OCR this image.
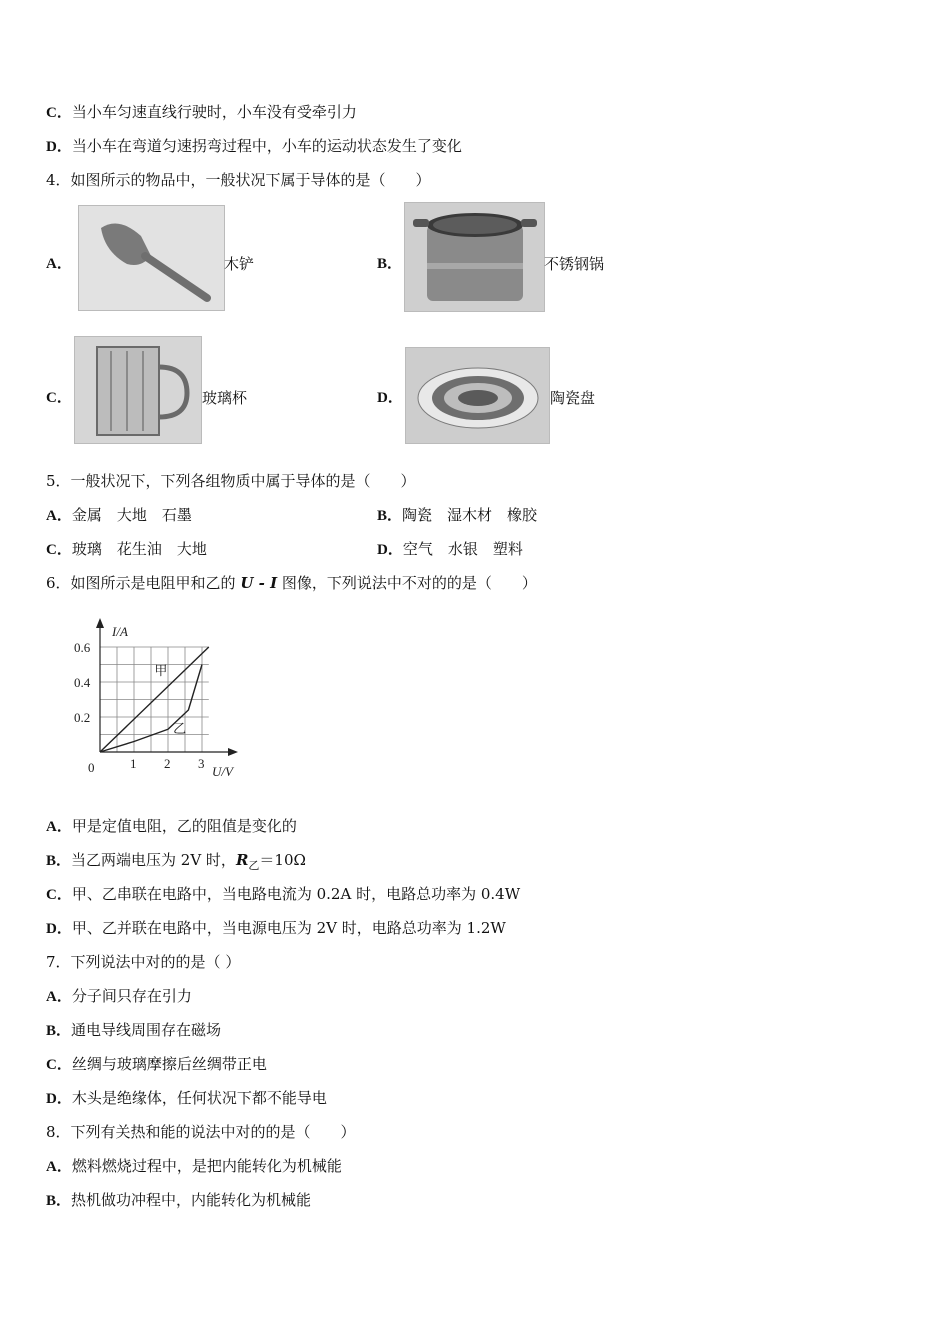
C．当小车匀速直线行驶时，小车没有受牵引力
D．当小车在弯道匀速拐弯过程中，小车的运动状态发生了变化
4．如图所示的物品中，一般状况下属于导体的是（　　）
A．	木铲	B．	不锈钢锅
C．	玻璃杯	D．	陶瓷盘
5．一般状况下，下列各组物质中属于导体的是（　　）
A．金属　大地　石墨	B．陶瓷　湿木材　橡胶
C．玻璃　花生油　大地	D．空气　水银　塑料
6．如图所示是电阻甲和乙的 U - I 图像，下列说法中不对的的是（　　）
0	1 2 3
0.2
0.4
0.6
U/V
I/A
甲
乙
A．甲是定值电阻，乙的阻值是变化的
B．当乙两端电压为 2V 时，$R_乙=10\Omega$
C．甲、乙串联在电路中，当电路电流为 0.2A 时，电路总功率为 0.4W
D．甲、乙并联在电路中，当电源电压为 2V 时，电路总功率为 1.2W
7．下列说法中对的的是（ ）
A．分子间只存在引力
B．通电导线周围存在磁场
C．丝绸与玻璃摩擦后丝绸带正电
D．木头是绝缘体，任何状况下都不能导电
8．下列有关热和能的说法中对的的是（　　）
A．燃料燃烧过程中，是把内能转化为机械能
B．热机做功冲程中，内能转化为机械能
